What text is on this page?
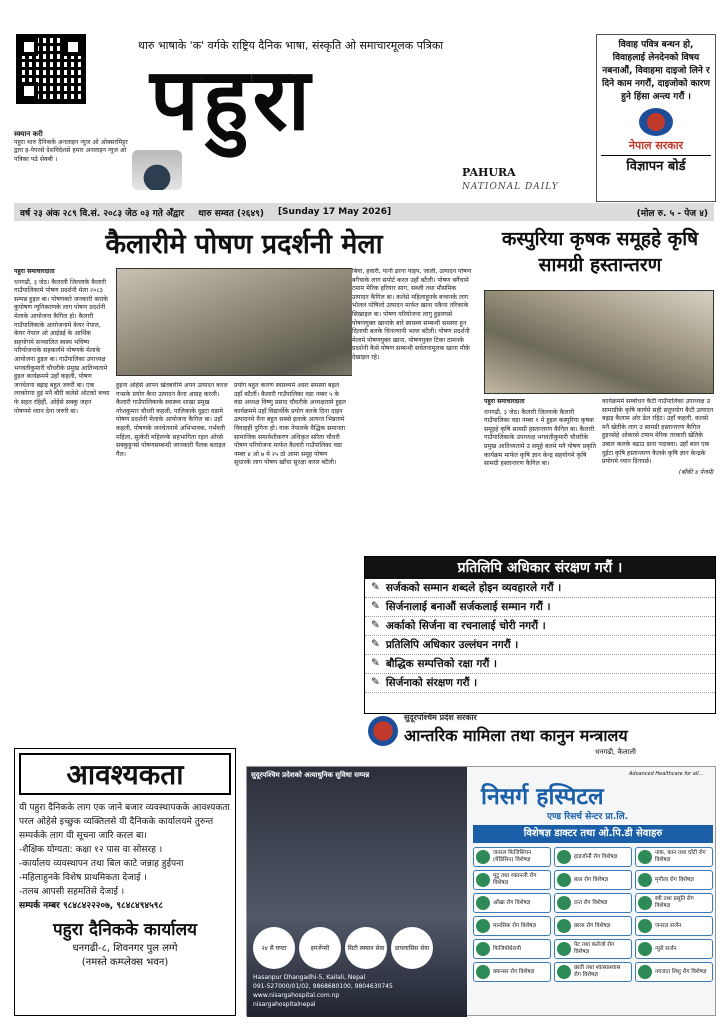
स्क्यान करी
पहुरा थारु दैनिकके अनलाइन न्युज ओ ओक्सरमिट्टर द्वारा इ-पेपरसे देशविदेशसे हमार अनलाइन न्युज ओ पत्रिका पढे सेक्बी ।
थारु भाषाके 'क' वर्गके राष्ट्रिय दैनिक भाषा, संस्कृति ओ समाचारमूलक पत्रिका
पहुरा
PAHURA
NATIONAL DAILY
विवाह पवित्र बन्धन हो, विवाहलाई लेनदेनको विषय नबनाऔं, विवाहमा दाइजो लिने र दिने काम नगरौं, दाइजोको कारण हुने हिंसा अन्त्य गरौं ।
नेपाल सरकार
विज्ञापन बोर्ड
वर्ष २३ अंक २८९ वि.सं. २०८३ जेठ ०३ गते अँद्वार थारु सम्वत (२६४९) [Sunday 17 May 2026]	(मोल रु. ५ - पेज ४)
कैलारीमे पोषण प्रदर्शनी मेला

पहुरा समाचारदाता

धनगढी, ३ जेठ। कैलाली जिल्लाके कैलारी गाउँपालिकामे पोषण प्रदर्शनी मेला २०८३ सम्पन्न हुइल बा। पोषणबारे जनकारी कराके कुपोषण न्युनिकरणके लाग पोषण प्रदर्शनी मेलाके आयोजना कैगिल हो। कैलारी गाउँपालिकाके आयोजनामे केयर नेपाल, केयर नेपाल ओ आईडई के आर्थिक सहयोगमे सञ्चालित स्वस्थ भविष्य परियोजनाके सहकार्यमे पोषणके मेलाके आयोजना हुइल बा। गाउँपालिका उपाध्यक्ष भगवतीकुमारी चौधरीके प्रमुख आतिथ्यतामे हुइल कार्यक्रममे उहाँ कहली, पोषण जनचेतना बह्राइ बहुत जरुरी बा। एक लरकोरपा हुइं मनै बौरी कलेसे ओटको बच्चा फे सहत रहिहीं, ओहेसे सक्कु जहन पोषणमे ध्यान देना जरुरी बा।

हुइना ओहेसे आपन खेतबारीमे अपन उत्पादन करल गन्सके प्रयोग कैना उत्पादन कैना आग्रह करली। कैलारी गाउँपालिकाके स्वास्थ्य शाखा प्रमुख नरेशकुमार चौधरी कहली, पालिकाके दुइटा वडामे पोषण प्रदर्शनी मेलाके आयोजना कैगिल बा। उहाँ कहली, पोषणके जनचेतनामे अभिभावक, गर्भवती महिला, सुत्केरी महिलन्के सहभागिता रहल ओरसे सक्कुहुनसे पोषणसम्बन्धी जानकारी पैलक बताइल गैल।

प्रयोग बहुत कारण स्वास्थ्यमे असर समस्या बह्रल उहाँ बटैलीं। कैलारी गाउँपालिका वडा नम्बर ५ के वडा अध्यक्ष विष्णु प्रसाद चौधरीके अध्यक्षतामे हुइल कार्यक्रममे उहाँ विद्यार्थीके प्रयोग करके दिना दाइन उत्पादनमे वैना बहुत सबसे इलाके अत्यन्त भिन्नतामे विवाहहीं पुगिना हो। याक नेपालके वैद्धिक समानता सामाजिक समावेशीकरण अधिकृत सरिता चौधरी पोषण परियोजना मार्फत कैलारी गाउँपालिका वडा नम्बर ४ ओ ७ मे २५ ठो आमा समूह पोषण सुधारके लाग पोषण खाँचा सुरक्षा करल बटैली।

बिया, हवारी, पानी ढरना पाइप, जाली, उत्पादन पोषण बगैचाके लाग सपोर्ट करल उहाँ बटैली। पोषण बगैंचामे टमाम मेरिक हरियार साग, सब्जी तथा मौसमिक उत्पादन कैगिल बा। कलेसे महिलाहुनके बच्चनके लाग भोलल पोषिलो उत्पादन मार्फत खाना पकैना तरिकाके सिखाइल बा। पोषण परियोजना लागु हुइलयसे पोषणयुक्त खानाके बारे स्वास्थ्य सम्बन्धी समस्या हुन दिलायी बलके चिनल्यापी भल्ल बटैली। पोषण प्रदर्शनी मेलामे पोषणयुक्त खाना, पोषणयुक्त टिका ठामनके प्रदर्शनी कैसे पोषण सम्बन्धी सचेतनामूलक खाना मौके देखाइल रहे।

कस्पुरिया कृषक समूहहे कृषि सामग्री हस्तान्तरण

पहुरा समाचारदाता

धनगढी, ३ जेठ। कैलारी जिल्लाके कैलारी गाउँपालिका वडा नम्बर १ मे हुइल कस्पुरिया कृषक समूहहे कृषि सामग्री हस्तान्तरण कैगिल बा। कैलारी गाउँपालिकाके उपाध्यक्ष भगवतीकुमारी चौधरीके प्रमुख आतिथ्यतामे उ समूहे बलमे मनै पोषण प्रकृति कार्यक्रम मार्फत कृषि ज्ञान केन्द्र सहयोगमे कृषि सामग्री हस्तान्तरण कैगिल बा।

कार्यक्रममे सम्बोधन कैटी गाउँपालिका उपाध्यक्ष उ सामाग्रीके कृषि कार्यमे सही सदुपयोग कैटी उत्पादन बह्राइ कैलाम ओर ढेल रहिट। उहाँ कहली, कलसे मनै खेतीके लाग उ सामग्री हस्तान्तरण कैगिल हुइनसेहे ओकरसे टमाम मेरिक तरकारी खेतिके उबाल कलके बढाउ डाना पदाबवा। उहाँ बाल एक दुईटा कृषि हस्तान्तरण कैलके कृषि ज्ञान केन्द्रके प्रयोगमे ध्यान दिनपर्छ।

(बाँकी ४ पेजमे)

प्रतिलिपि अधिकार संरक्षण गरौं ।
✎ सर्जकको सम्मान शब्दले होइन व्यवहारले गरौं ।
✎ सिर्जनालाई बनाऔं सर्जकलाई सम्मान गरौं ।
✎ अर्काको सिर्जना वा रचनालाई चोरी नगरौं ।
✎ प्रतिलिपि अधिकार उल्लंघन नगरौं ।
✎ बौद्धिक सम्पत्तिको रक्षा गरौं ।
✎ सिर्जनाको संरक्षण गरौं ।
सुदूरपश्चिम प्रदेश सरकार
आन्तरिक मामिला तथा कानुन मन्त्रालय
धनगढी, कैलाली
आवश्यकता
यी पहुरा दैनिकके लाग एक जाने बजार व्यवस्थापकके आवश्यकता परल ओहेसे इच्छुक व्यक्तिलसे यी दैनिकके कार्यालयमे तुरुन्त सम्पर्कके लाग यी सूचना जारि करल बा।
-शैक्षिक योग्यता: कक्षा १२ पास वा सोसरह ।
-कार्यालय व्यवस्थापन तथा बिल काटे जन्नाह हुईपना
-महिलाहुनके विशेष प्राथमिकता देजाई ।
-तलब आपसी सहमतिसे देजाई ।
सम्पर्क नम्बर ९८४८४२२२०७, ९८४८४९४५९८
पहुरा दैनिकके कार्यालय
धनगढी-८, शिवनगर पुल लग्गे
(नमस्ते कम्प्लेक्स भवन)
सुदूरपश्चिम प्रदेशको अत्याधुनिक सुविधा सम्पन्न
२४ सै घण्टा	इमर्जेन्सी	सिटी स्क्यान सेवा	डायलासिस सेवा
Hasanpur Dhangadhi-5, Kailali, Nepal
091-527000/01/02, 9868680100, 9804630745
www.nisargahospital.com.np
nisargahospitalnepal
Advanced Healthcare for all...
निसर्ग हस्पिटल
एण्ड रिसर्च सेन्टर प्रा.लि.
विशेषज्ञ डाक्टर तथा ओ.पि.डी सेवाहरु
जनरल फिजिसियन (मेडिसिन) विशेषज्ञ
हाडजोर्नी रोग विशेषज्ञ
नाक, कान तथा घाँटी रोग विशेषज्ञ
मुटु तथा रक्तनली रोग विशेषज्ञ
बाल रोग विशेषज्ञ	मृगौला रोग विशेषज्ञ
आँखा रोग विशेषज्ञ	दन्त रोग विशेषज्ञ
स्त्री तथा प्रसूति रोग विशेषज्ञ
मानसिक रोग विशेषज्ञ	छाला रोग विशेषज्ञ	जनरल सर्जन
फिजियोथेरापी
पेट तथा कलेजो रोग विशेषज्ञ
न्युरो सर्जन
क्यान्सर रोग विशेषज्ञ
छाती तथा श्वासप्रश्वास रोग विशेषज्ञ
नवजात शिशु रोग विशेषज्ञ
